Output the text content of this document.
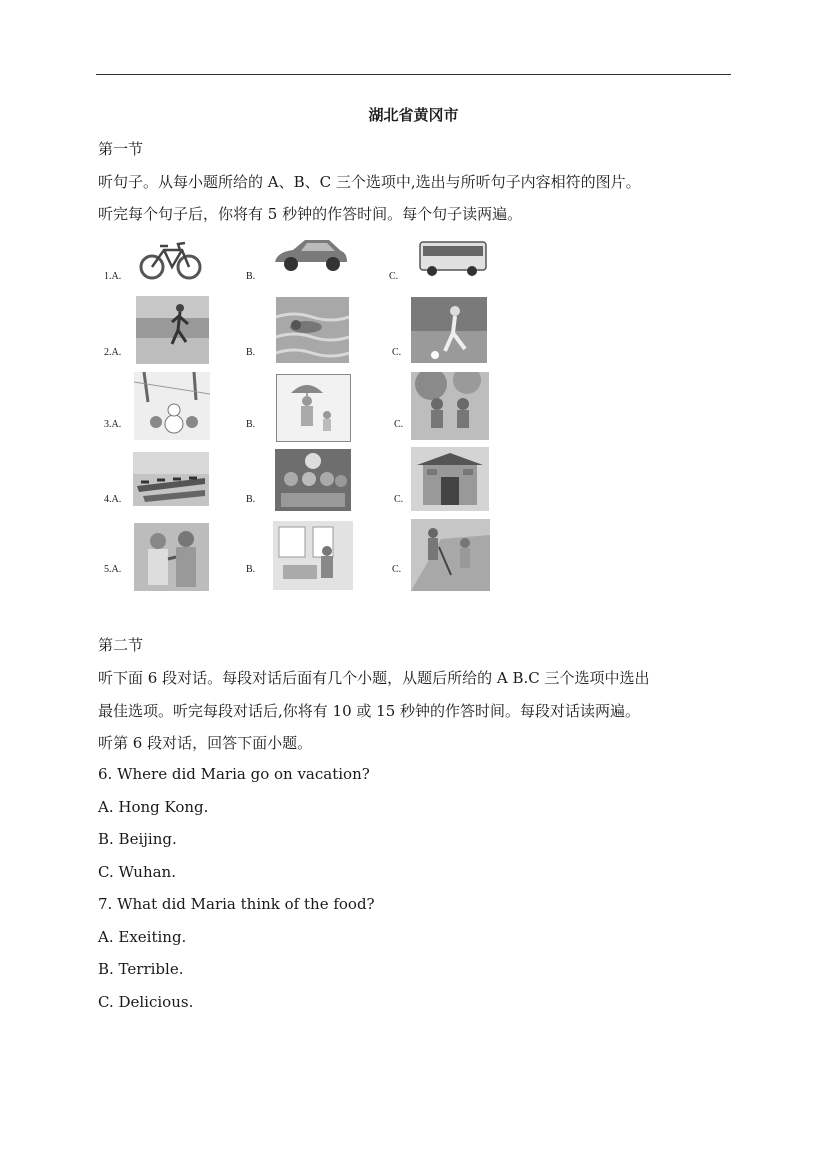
湖北省黄冈市
第一节
听句子。从每小题所给的 A、B、C 三个选项中,选出与所听句子内容相符的图片。
听完每个句子后，你将有 5 秒钟的作答时间。每个句子读两遍。
1.A.	B.	C.
2.A.	B.	C.
3.A.	B.	C.
4.A.	B.	C.
5.A.	B.	C.
第二节
听下面 6 段对话。每段对话后面有几个小题，从题后所给的 A B.C 三个选项中选出
最佳选项。听完每段对话后,你将有 10 或 15 秒钟的作答时间。每段对话读两遍。
听第 6 段对话，回答下面小题。
6. Where did Maria go on vacation?
A. Hong Kong.
B. Beijing.
C. Wuhan.
7. What did Maria think of the food?
A. Exeiting.
B. Terrible.
C. Delicious.
